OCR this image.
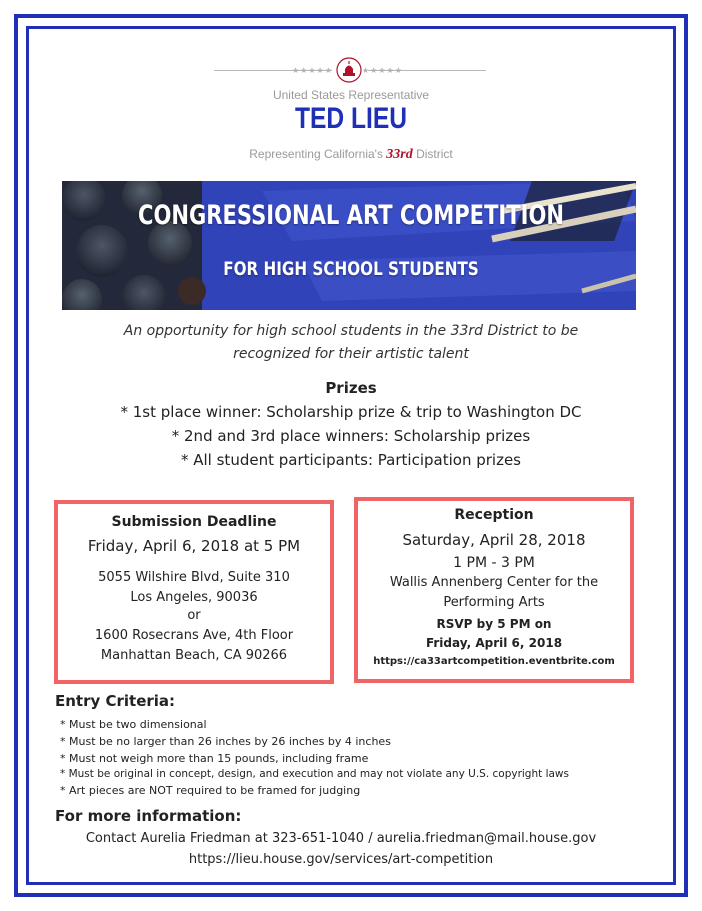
★★★★★	★★★★★
United States Representative
TED LIEU
Representing California's 33rd District
CONGRESSIONAL ART COMPETITION
FOR HIGH SCHOOL STUDENTS
An opportunity for high school students in the 33rd District to be recognized for their artistic talent
Prizes
* 1st place winner: Scholarship prize & trip to Washington DC
* 2nd and 3rd place winners: Scholarship prizes
* All student participants: Participation prizes
Submission Deadline
Friday, April 6, 2018 at 5 PM
5055 Wilshire Blvd, Suite 310
Los Angeles, 90036
or
1600 Rosecrans Ave, 4th Floor
Manhattan Beach, CA 90266
Reception
Saturday, April 28, 2018
1 PM - 3 PM
Wallis Annenberg Center for the
Performing Arts
RSVP by 5 PM on
Friday, April 6, 2018
https://ca33artcompetition.eventbrite.com
Entry Criteria:
* Must be two dimensional
* Must be no larger than 26 inches by 26 inches by 4 inches
* Must not weigh more than 15 pounds, including frame
* Must be original in concept, design, and execution and may not violate any U.S. copyright laws
* Art pieces are NOT required to be framed for judging
For more information:
Contact Aurelia Friedman at 323-651-1040 / aurelia.friedman@mail.house.gov
https://lieu.house.gov/services/art-competition
